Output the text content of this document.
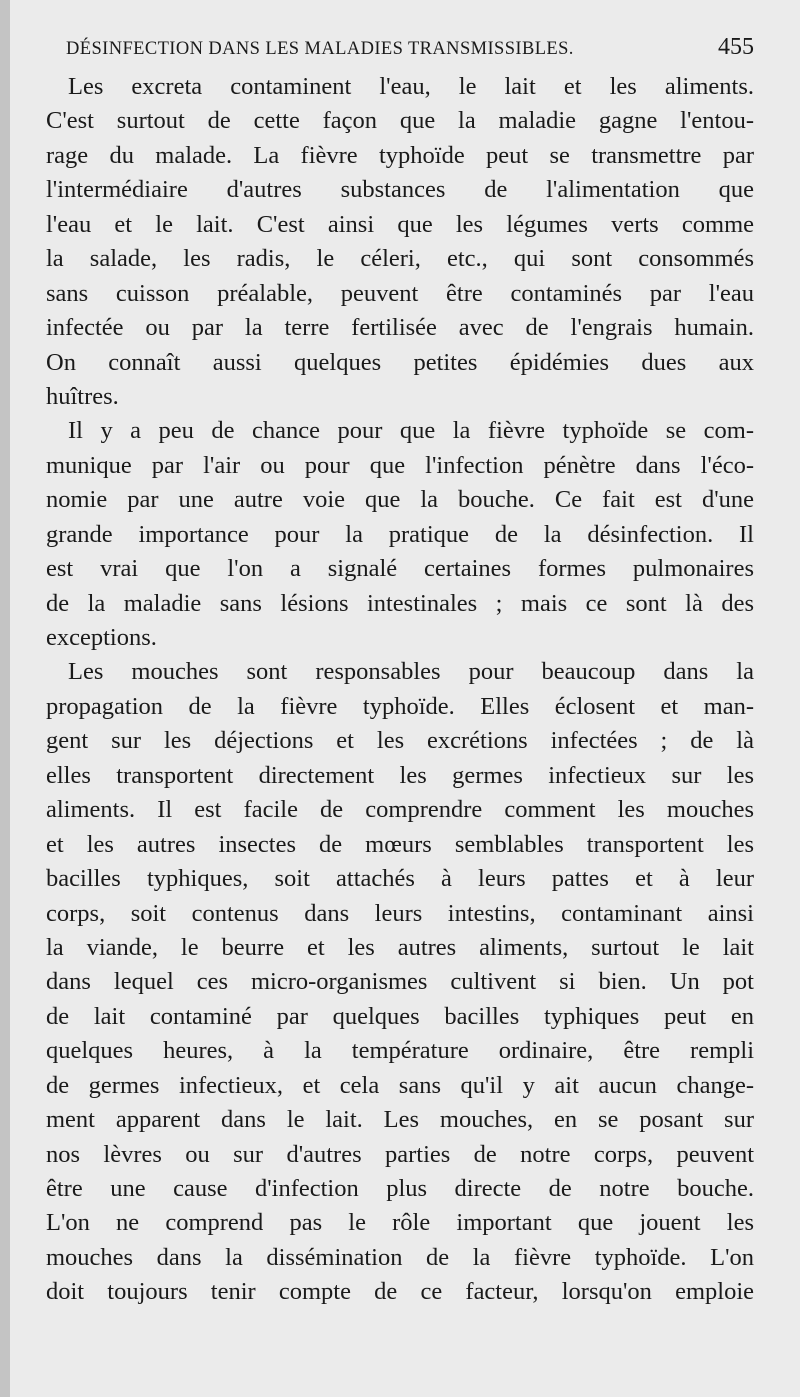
DÉSINFECTION DANS LES MALADIES TRANSMISSIBLES.	455
Les excreta contaminent l'eau, le lait et les aliments.
C'est surtout de cette façon que la maladie gagne l'entou-
rage du malade. La fièvre typhoïde peut se transmettre par
l'intermédiaire d'autres substances de l'alimentation que
l'eau et le lait. C'est ainsi que les légumes verts comme
la salade, les radis, le céleri, etc., qui sont consommés
sans cuisson préalable, peuvent être contaminés par l'eau
infectée ou par la terre fertilisée avec de l'engrais humain.
On connaît aussi quelques petites épidémies dues aux
huîtres.
Il y a peu de chance pour que la fièvre typhoïde se com-
munique par l'air ou pour que l'infection pénètre dans l'éco-
nomie par une autre voie que la bouche. Ce fait est d'une
grande importance pour la pratique de la désinfection. Il
est vrai que l'on a signalé certaines formes pulmonaires
de la maladie sans lésions intestinales ; mais ce sont là des
exceptions.
Les mouches sont responsables pour beaucoup dans la
propagation de la fièvre typhoïde. Elles éclosent et man-
gent sur les déjections et les excrétions infectées ; de là
elles transportent directement les germes infectieux sur les
aliments. Il est facile de comprendre comment les mouches
et les autres insectes de mœurs semblables transportent les
bacilles typhiques, soit attachés à leurs pattes et à leur
corps, soit contenus dans leurs intestins, contaminant ainsi
la viande, le beurre et les autres aliments, surtout le lait
dans lequel ces micro-organismes cultivent si bien. Un pot
de lait contaminé par quelques bacilles typhiques peut en
quelques heures, à la température ordinaire, être rempli
de germes infectieux, et cela sans qu'il y ait aucun change-
ment apparent dans le lait. Les mouches, en se posant sur
nos lèvres ou sur d'autres parties de notre corps, peuvent
être une cause d'infection plus directe de notre bouche.
L'on ne comprend pas le rôle important que jouent les
mouches dans la dissémination de la fièvre typhoïde. L'on
doit toujours tenir compte de ce facteur, lorsqu'on emploie
